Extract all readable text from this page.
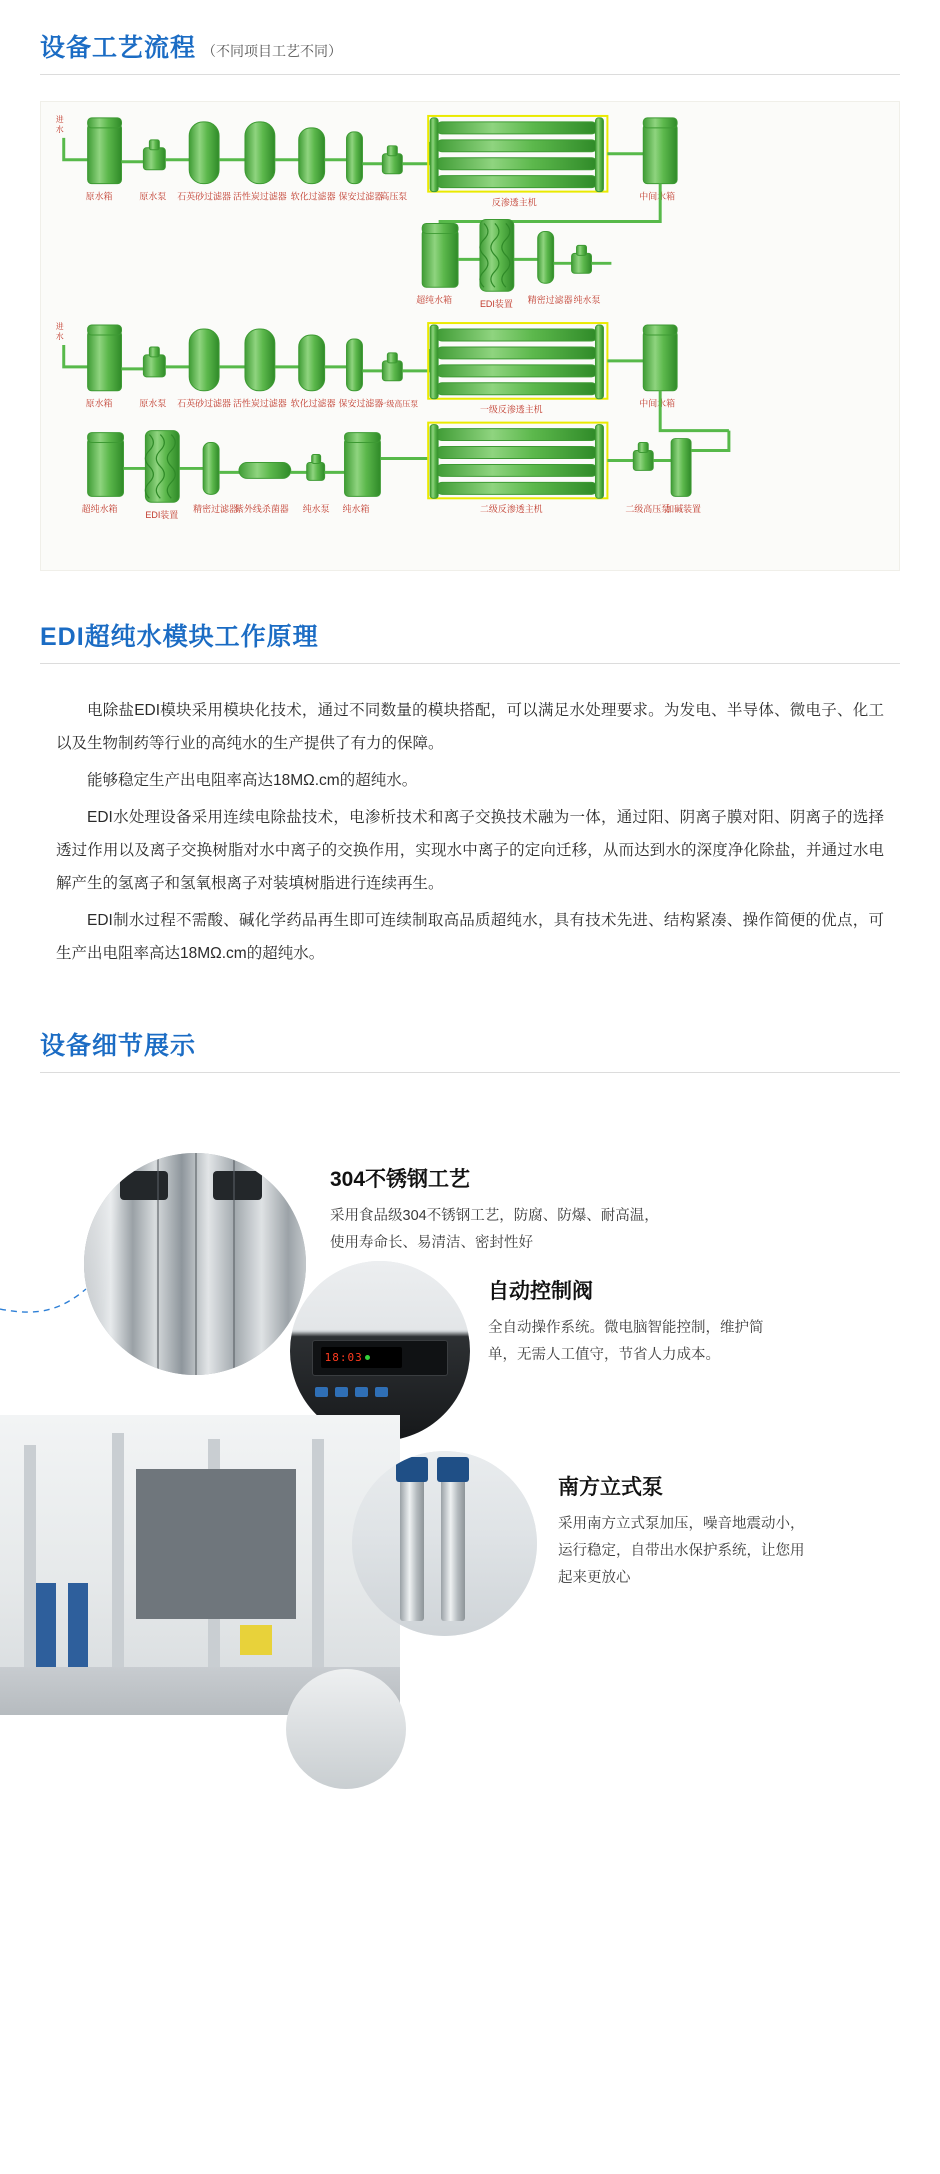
设备工艺流程 （不同项目工艺不同）
进
水
原水箱	原水泵 石英砂过滤器 活性炭过滤器 软化过滤器 保安过滤器
高压泵
反渗透主机
中间水箱
超纯水箱	EDI装置 精密过滤器 纯水泵
进
水
原水箱	原水泵 石英砂过滤器 活性炭过滤器 软化过滤器 保安过滤器
一级高压泵
一级反渗透主机
中间水箱
超纯水箱
EDI装置
精密过滤器
紫外线杀菌器 纯水泵 纯水箱	二级反渗透主机	二级高压泵
加碱装置
EDI超纯水模块工作原理

电除盐EDI模块采用模块化技术，通过不同数量的模块搭配，可以满足水处理要求。为发电、半导体、微电子、化工以及生物制药等行业的高纯水的生产提供了有力的保障。

能够稳定生产出电阻率高达18MΩ.cm的超纯水。

EDI水处理设备采用连续电除盐技术，电渗析技术和离子交换技术融为一体，通过阳、阴离子膜对阳、阴离子的选择透过作用以及离子交换树脂对水中离子的交换作用，实现水中离子的定向迁移，从而达到水的深度净化除盐，并通过水电解产生的氢离子和氢氧根离子对装填树脂进行连续再生。

EDI制水过程不需酸、碱化学药品再生即可连续制取高品质超纯水，具有技术先进、结构紧凑、操作简便的优点，可生产出电阻率高达18MΩ.cm的超纯水。

设备细节展示
304不锈钢工艺
采用食品级304不锈钢工艺，防腐、防爆、耐高温，使用寿命长、易清洁、密封性好
18:03
自动控制阀
全自动操作系统。微电脑智能控制，维护简单，无需人工值守，节省人力成本。
南方立式泵
采用南方立式泵加压，噪音地震动小，运行稳定，自带出水保护系统，让您用起来更放心
